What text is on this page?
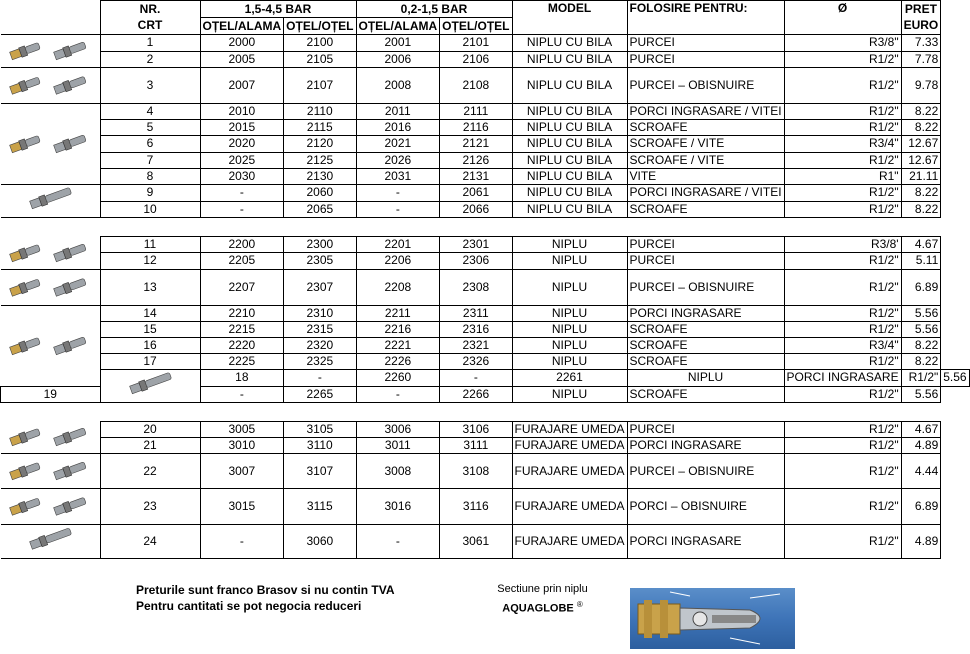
	NR.	1,5-4,5 BAR		0,2-1,5 BAR		MODEL	FOLOSIRE PENTRU:	Ø	PRET	
	CRT	OȚEL/ALAMA	OȚEL/OȚEL	OȚEL/ALAMA	OȚEL/OȚEL				EURO	

	1	2000	2100	2001	2101	NIPLU CU BILA	PURCEI	R3/8"	7.33	
	2	2005	2105	2006	2106	NIPLU CU BILA	PURCEI	R1/2"	7.78	

	3	2007	2107	2008	2108	NIPLU CU BILA	PURCEI – OBISNUIRE	R1/2"	9.78	

	4	2010	2110	2011	2111	NIPLU CU BILA	PORCI INGRASARE / VITEI	R1/2"	8.22	
	5	2015	2115	2016	2116	NIPLU CU BILA	SCROAFE	R1/2"	8.22	
	6	2020	2120	2021	2121	NIPLU CU BILA	SCROAFE / VITE	R3/4"	12.67	
	7	2025	2125	2026	2126	NIPLU CU BILA	SCROAFE / VITE	R1/2"	12.67	
	8	2030	2130	2031	2131	NIPLU CU BILA	VITE	R1"	21.11	

	9	-	2060	-	2061	NIPLU CU BILA	PORCI INGRASARE / VITEI	R1/2"	8.22	
	10	-	2065	-	2066	NIPLU CU BILA	SCROAFE	R1/2"	8.22	

	11	2200	2300	2201	2301	NIPLU	PURCEI	R3/8'	4.67	
	12	2205	2305	2206	2306	NIPLU	PURCEI	R1/2"	5.11	

	13	2207	2307	2208	2308	NIPLU	PURCEI – OBISNUIRE	R1/2"	6.89	

	14	2210	2310	2211	2311	NIPLU	PORCI INGRASARE	R1/2"	5.56	
	15	2215	2315	2216	2316	NIPLU	SCROAFE	R1/2"	5.56	
	16	2220	2320	2221	2321	NIPLU	SCROAFE	R3/4"	8.22	
	17	2225	2325	2226	2326	NIPLU	SCROAFE	R1/2"	8.22	

	18	-	2260	-	2261	NIPLU	PORCI INGRASARE	R1/2"	5.56
19		-	2265	-	2266	NIPLU	SCROAFE	R1/2"	5.56	

	20	3005	3105	3006	3106	FURAJARE UMEDA	PURCEI	R1/2"	4.67	
	21	3010	3110	3011	3111	FURAJARE UMEDA	PORCI INGRASARE	R1/2"	4.89	

	22	3007	3107	3008	3108	FURAJARE UMEDA	PURCEI – OBISNUIRE	R1/2"	4.44	

	23	3015	3115	3016	3116	FURAJARE UMEDA	PORCI – OBISNUIRE	R1/2"	6.89	

	24	-	3060	-	3061	FURAJARE UMEDA	PORCI INGRASARE	R1/2"	4.89	
Preturile sunt franco Brasov si nu contin TVA
Pentru cantitati se pot negocia reduceri
Sectiune prin niplu
AQUAGLOBE ®
